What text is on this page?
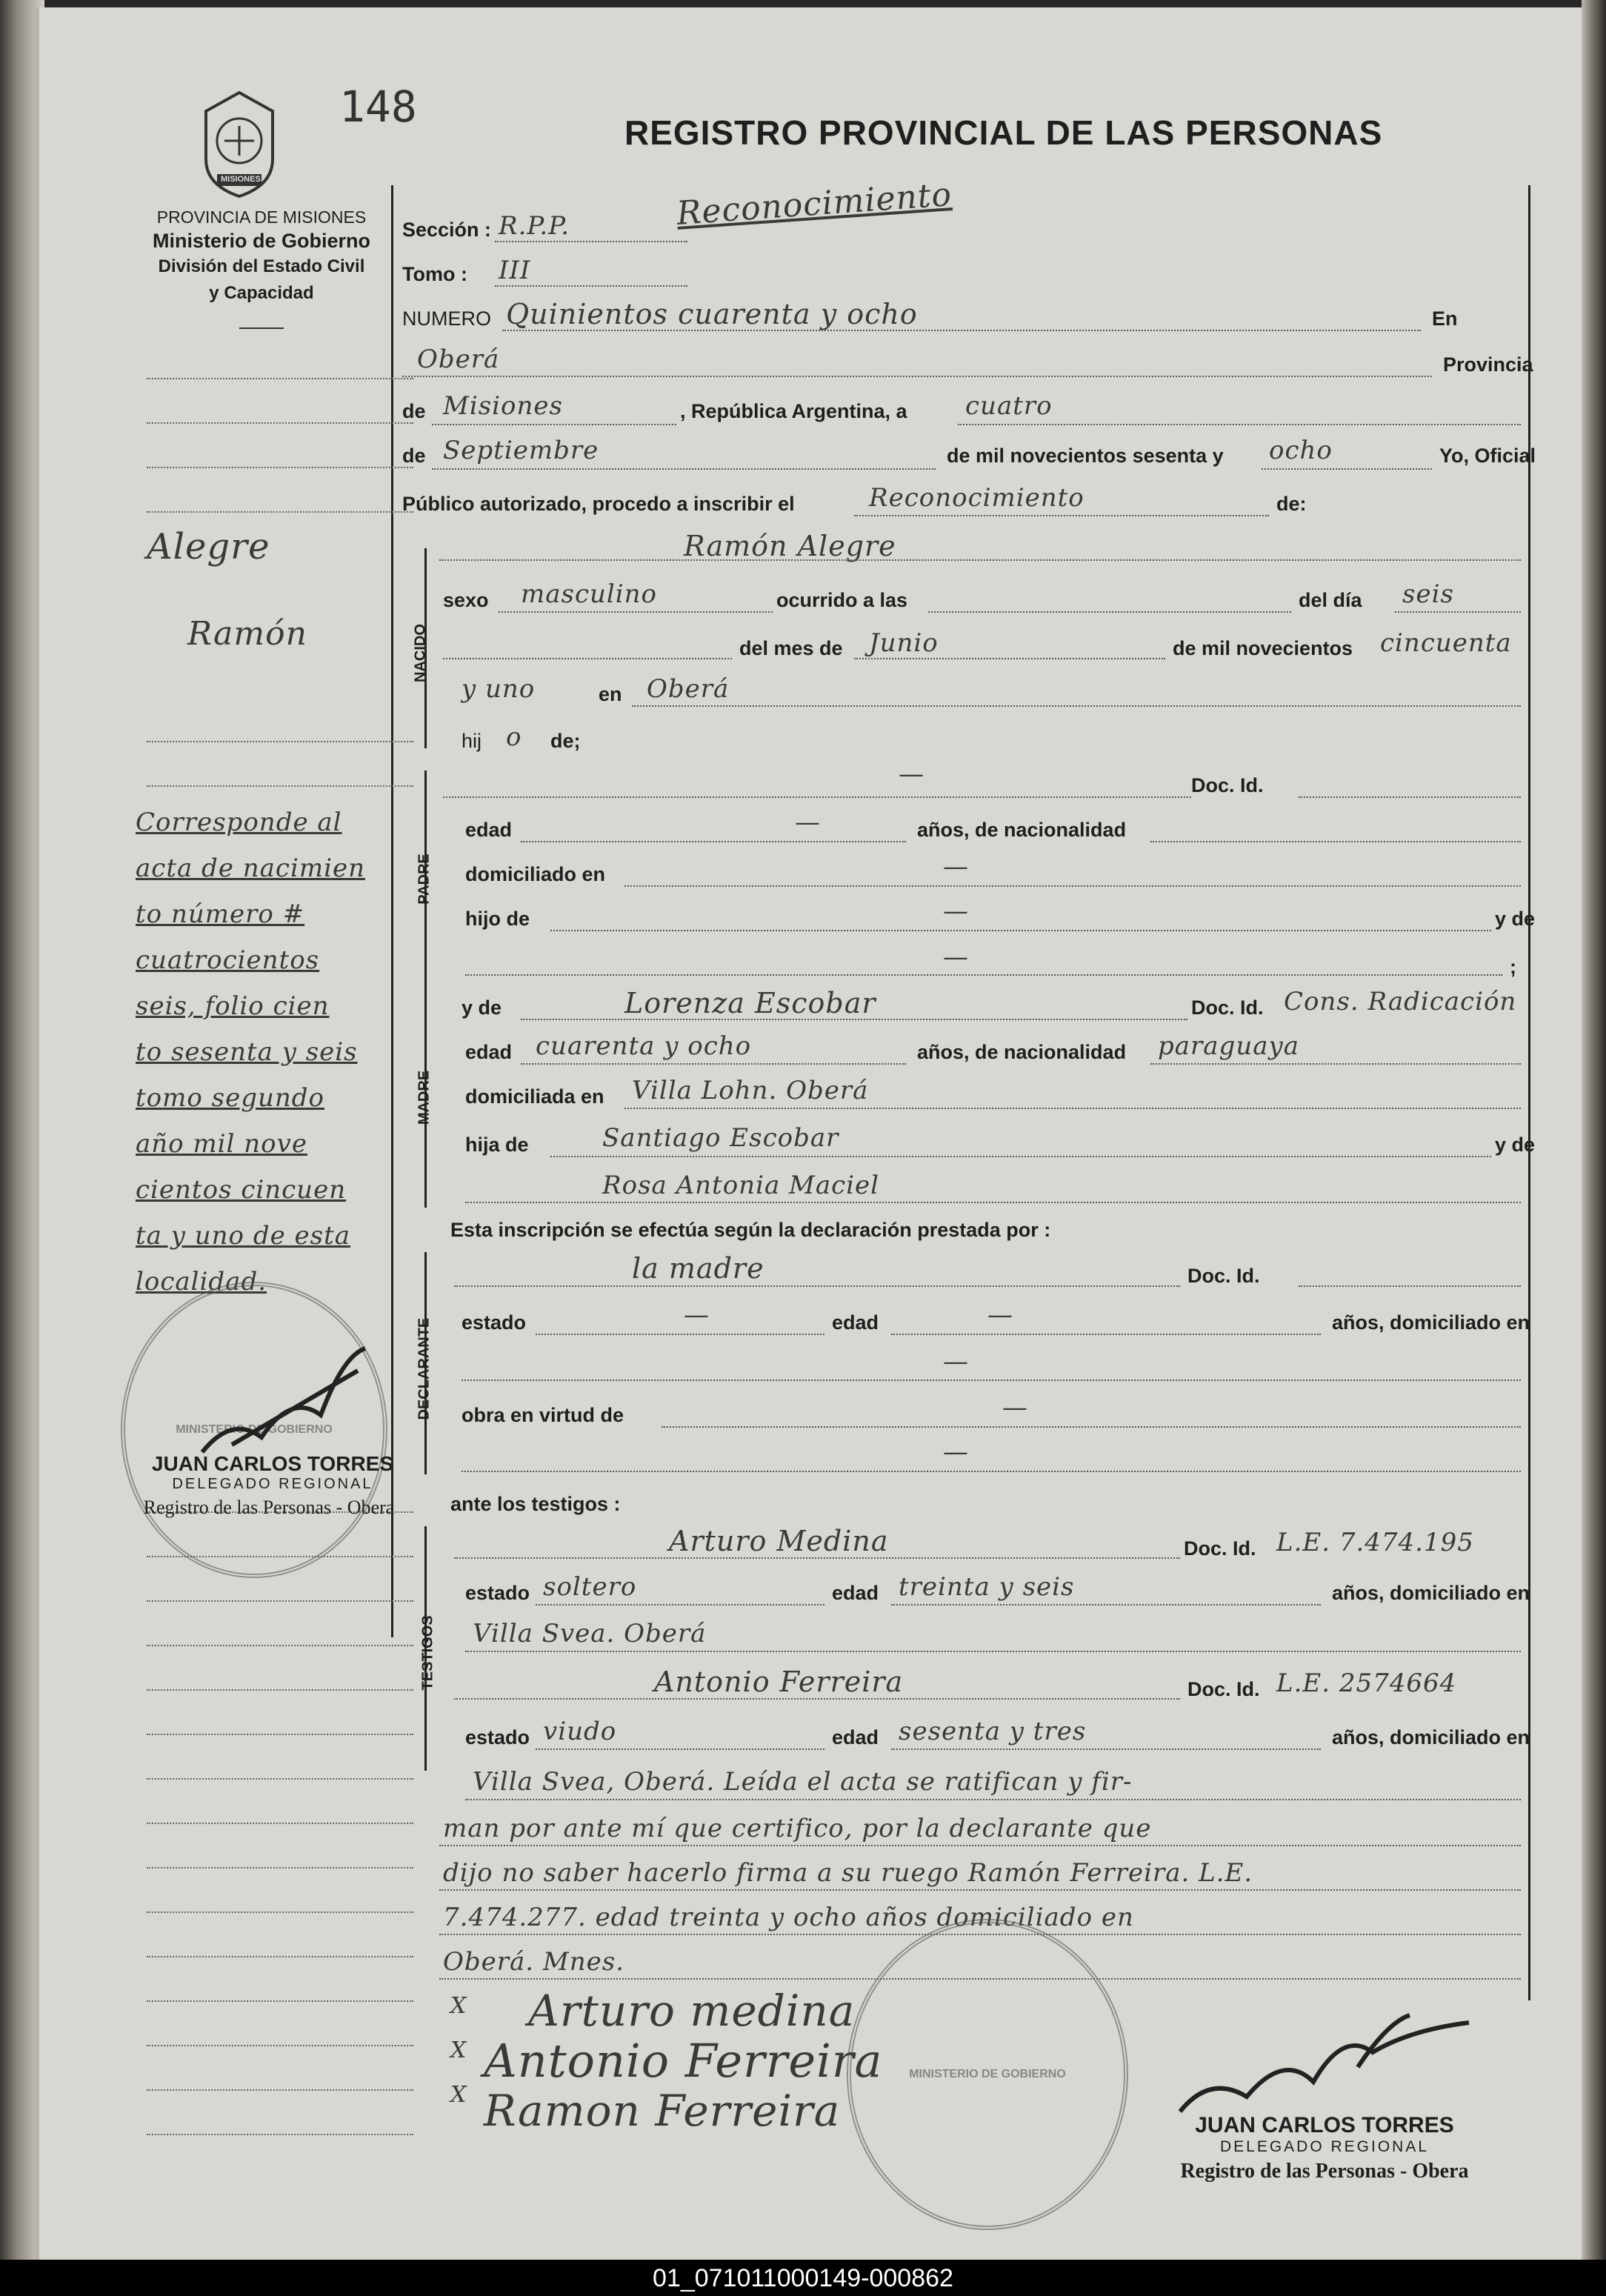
MISIONES
148
REGISTRO PROVINCIAL DE LAS PERSONAS
Reconocimiento
PROVINCIA DE MISIONES
Ministerio de Gobierno
División del Estado Civil
y Capacidad
Alegre
Ramón
Corresponde al
acta de nacimien
to número #
cuatrocientos
seis, folio cien
to sesenta y seis
tomo segundo
año mil nove
cientos cincuen
ta y uno de esta
localidad.
MINISTERIO DE GOBIERNO
JUAN CARLOS TORRES
DELEGADO REGIONAL
Registro de las Personas - Obera
Sección : R.P.P.
Tomo : III
NUMERO Quinientos cuarenta y ocho	En
Oberá	Provincia
de Misiones	, República Argentina, a cuatro
de Septiembre	de mil novecientos sesenta y ocho	Yo, Oficial
Público autorizado, procedo a inscribir el	Reconocimiento	de:
NACIDO
Ramón Alegre
sexo masculino	ocurrido a las	del día seis
del mes de Junio	de mil novecientos cincuenta
y uno	en Oberá
hij o de;
PADRE
—	Doc. Id.
edad	—	años, de nacionalidad
domiciliado en	—
hijo de	—	y de
—	;
MADRE
y de	Lorenza Escobar	Doc. Id. Cons. Radicación
edad cuarenta y ocho	años, de nacionalidad paraguaya
domiciliada en Villa Lohn. Oberá
hija de	Santiago Escobar	y de
Rosa Antonia Maciel
Esta inscripción se efectúa según la declaración prestada por :
DECLARANTE
la madre	Doc. Id.
estado	—	edad	—	años, domiciliado en
—
obra en virtud de	—
—
ante los testigos :
TESTIGOS
Arturo Medina	Doc. Id. L.E. 7.474.195
estado soltero	edad treinta y seis	años, domiciliado en
Villa Svea. Oberá
Antonio Ferreira	Doc. Id. L.E. 2574664
estado viudo	edad sesenta y tres	años, domiciliado en
Villa Svea, Oberá. Leída el acta se ratifican y fir-
man por ante mí que certifico, por la declarante que
dijo no saber hacerlo firma a su ruego Ramón Ferreira. L.E.
7.474.277. edad treinta y ocho años domiciliado en
Oberá. Mnes.
X
X
X
Arturo medina
Antonio Ferreira
Ramon Ferreira
MINISTERIO DE GOBIERNO
JUAN CARLOS TORRES
DELEGADO REGIONAL
Registro de las Personas - Obera
01_071011000149-000862
